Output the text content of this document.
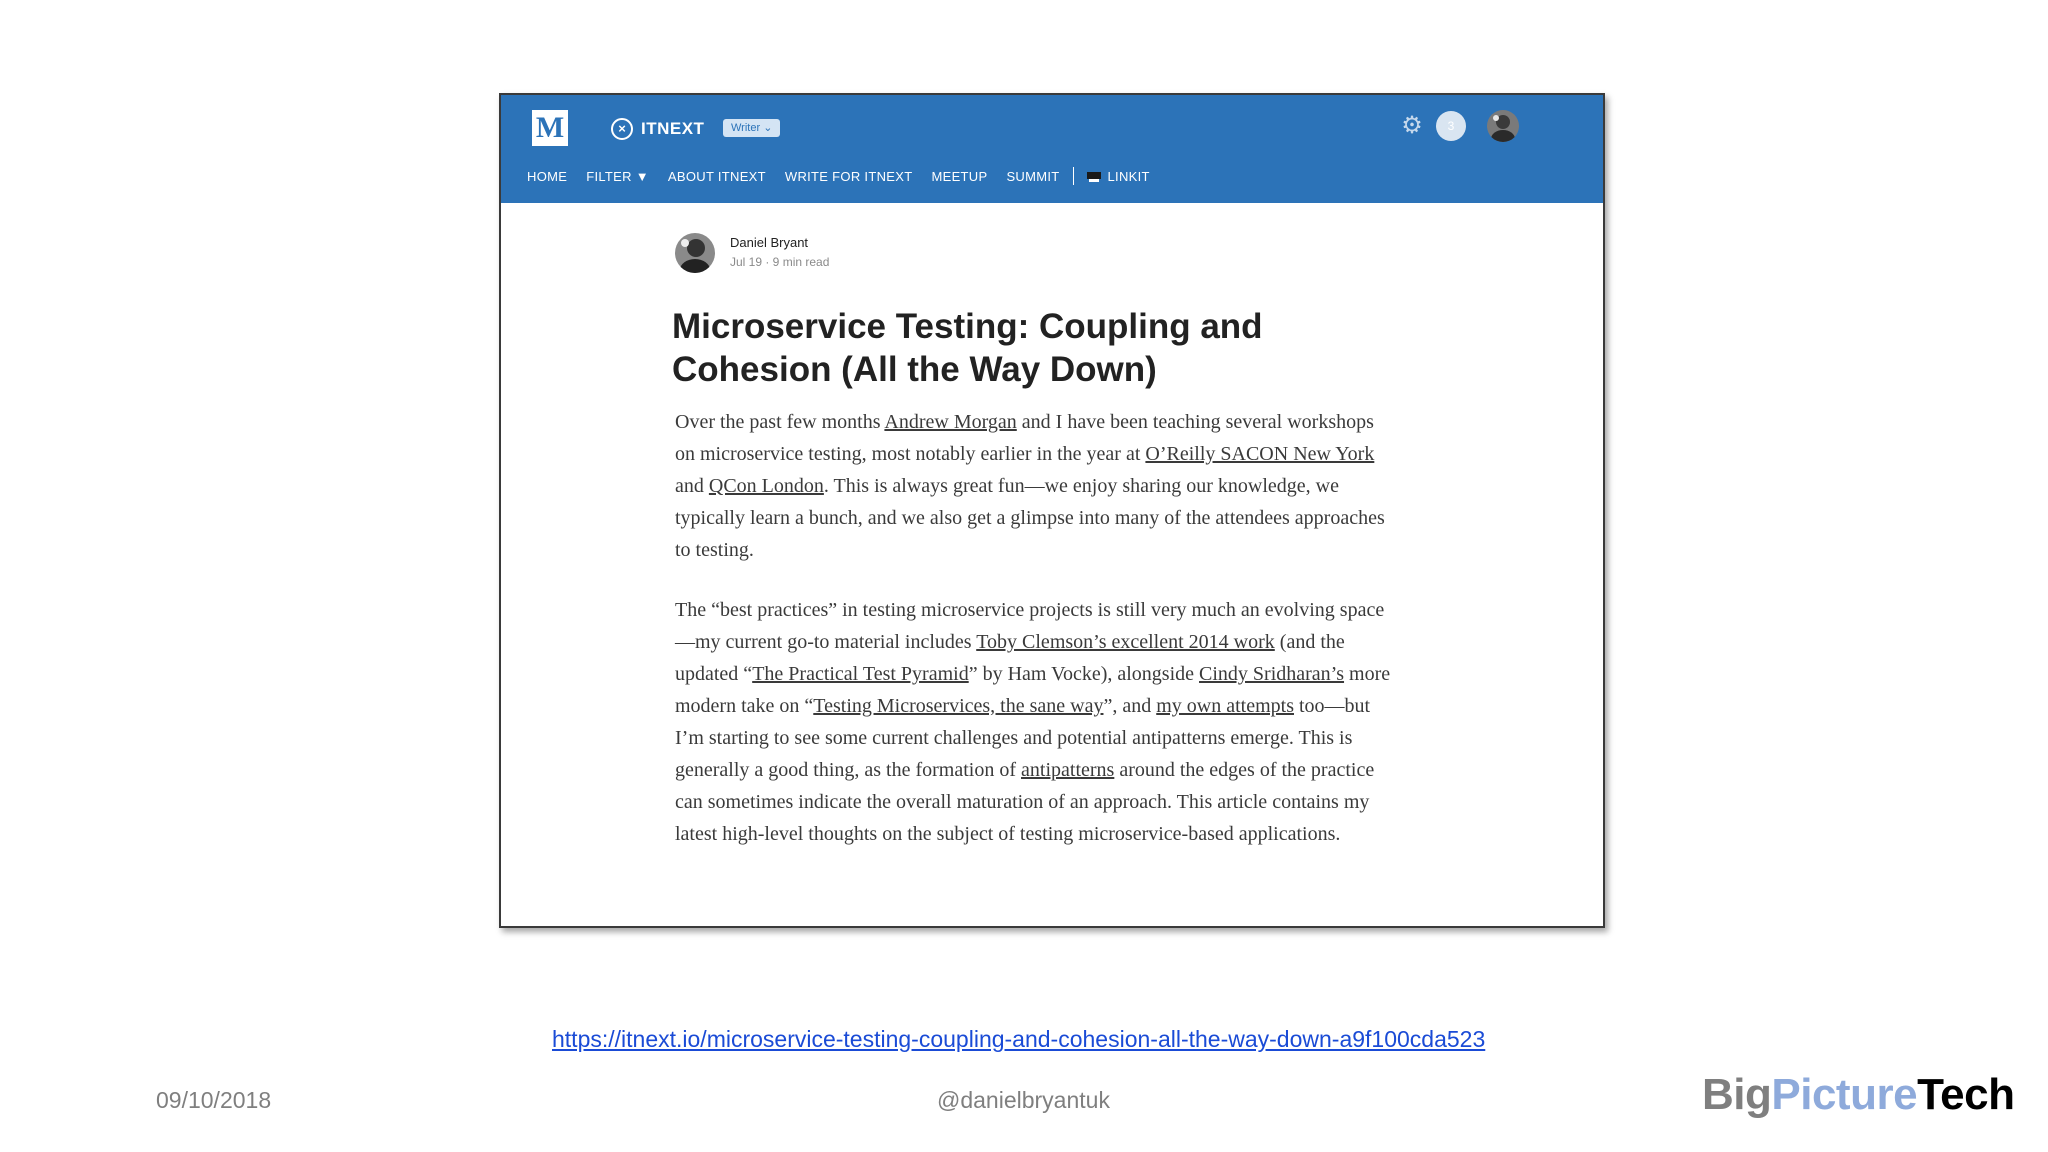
M	× ITNEXT	Writer ⌄	⚙	3
HOME FILTER ▼ ABOUT ITNEXT WRITE FOR ITNEXT MEETUP SUMMIT	LINKIT
Daniel Bryant
Jul 19 · 9 min read
Microservice Testing: Coupling and Cohesion (All the Way Down)

Over the past few months Andrew Morgan and I have been teaching several workshops on microservice testing, most notably earlier in the year at O’Reilly SACON New York and QCon London. This is always great fun—we enjoy sharing our knowledge, we typically learn a bunch, and we also get a glimpse into many of the attendees approaches to testing.

The “best practices” in testing microservice projects is still very much an evolving space—my current go-to material includes Toby Clemson’s excellent 2014 work (and the updated “The Practical Test Pyramid” by Ham Vocke), alongside Cindy Sridharan’s more modern take on “Testing Microservices, the sane way”, and my own attempts too—but I’m starting to see some current challenges and potential antipatterns emerge. This is generally a good thing, as the formation of antipatterns around the edges of the practice can sometimes indicate the overall maturation of an approach. This article contains my latest high-level thoughts on the subject of testing microservice-based applications.

https://itnext.io/microservice-testing-coupling-and-cohesion-all-the-way-down-a9f100cda523
09/10/2018	@danielbryantuk	BigPictureTech
